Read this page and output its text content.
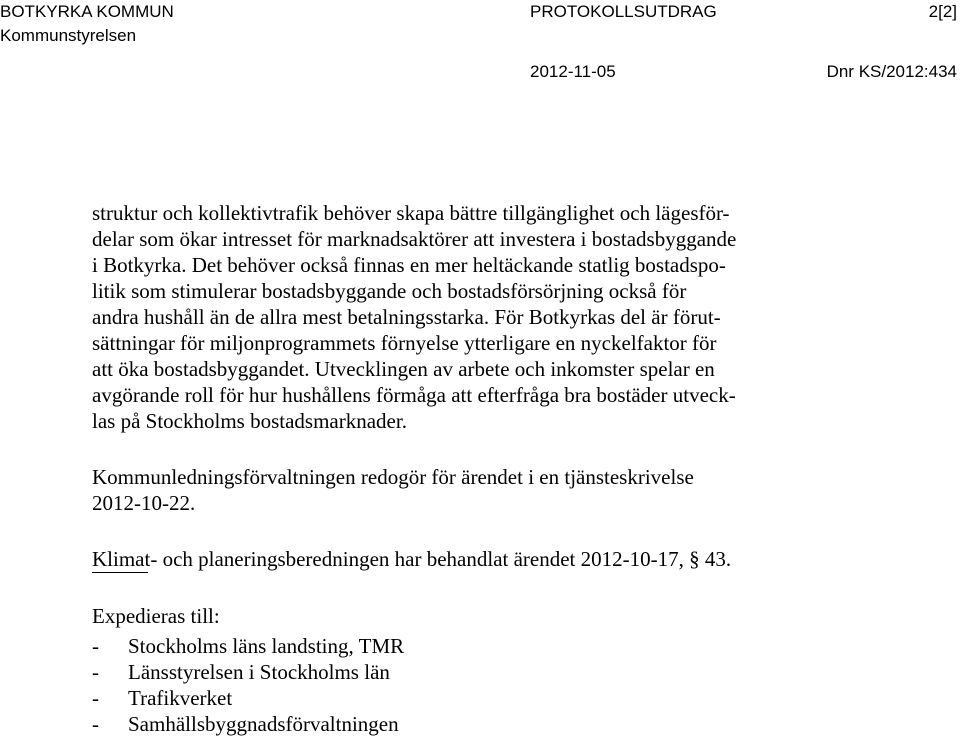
BOTKYRKA KOMMUN
Kommunstyrelsen
PROTOKOLLSUTDRAG	2[2]
2012-11-05	Dnr KS/2012:434

struktur och kollektivtrafik behöver skapa bättre tillgänglighet och lägesför-
delar som ökar intresset för marknadsaktörer att investera i bostadsbyggande
i Botkyrka. Det behöver också finnas en mer heltäckande statlig bostadspo-
litik som stimulerar bostadsbyggande och bostadsförsörjning också för
andra hushåll än de allra mest betalningsstarka. För Botkyrkas del är förut-
sättningar för miljonprogrammets förnyelse ytterligare en nyckelfaktor för
att öka bostadsbyggandet. Utvecklingen av arbete och inkomster spelar en
avgörande roll för hur hushållens förmåga att efterfråga bra bostäder utveck-
las på Stockholms bostadsmarknader.

Kommunledningsförvaltningen redogör för ärendet i en tjänsteskrivelse
2012-10-22.

Klimat- och planeringsberedningen har behandlat ärendet 2012-10-17, § 43.

Expedieras till:

-	Stockholms läns landsting, TMR
-	Länsstyrelsen i Stockholms län
-	Trafikverket
-	Samhällsbyggnadsförvaltningen
